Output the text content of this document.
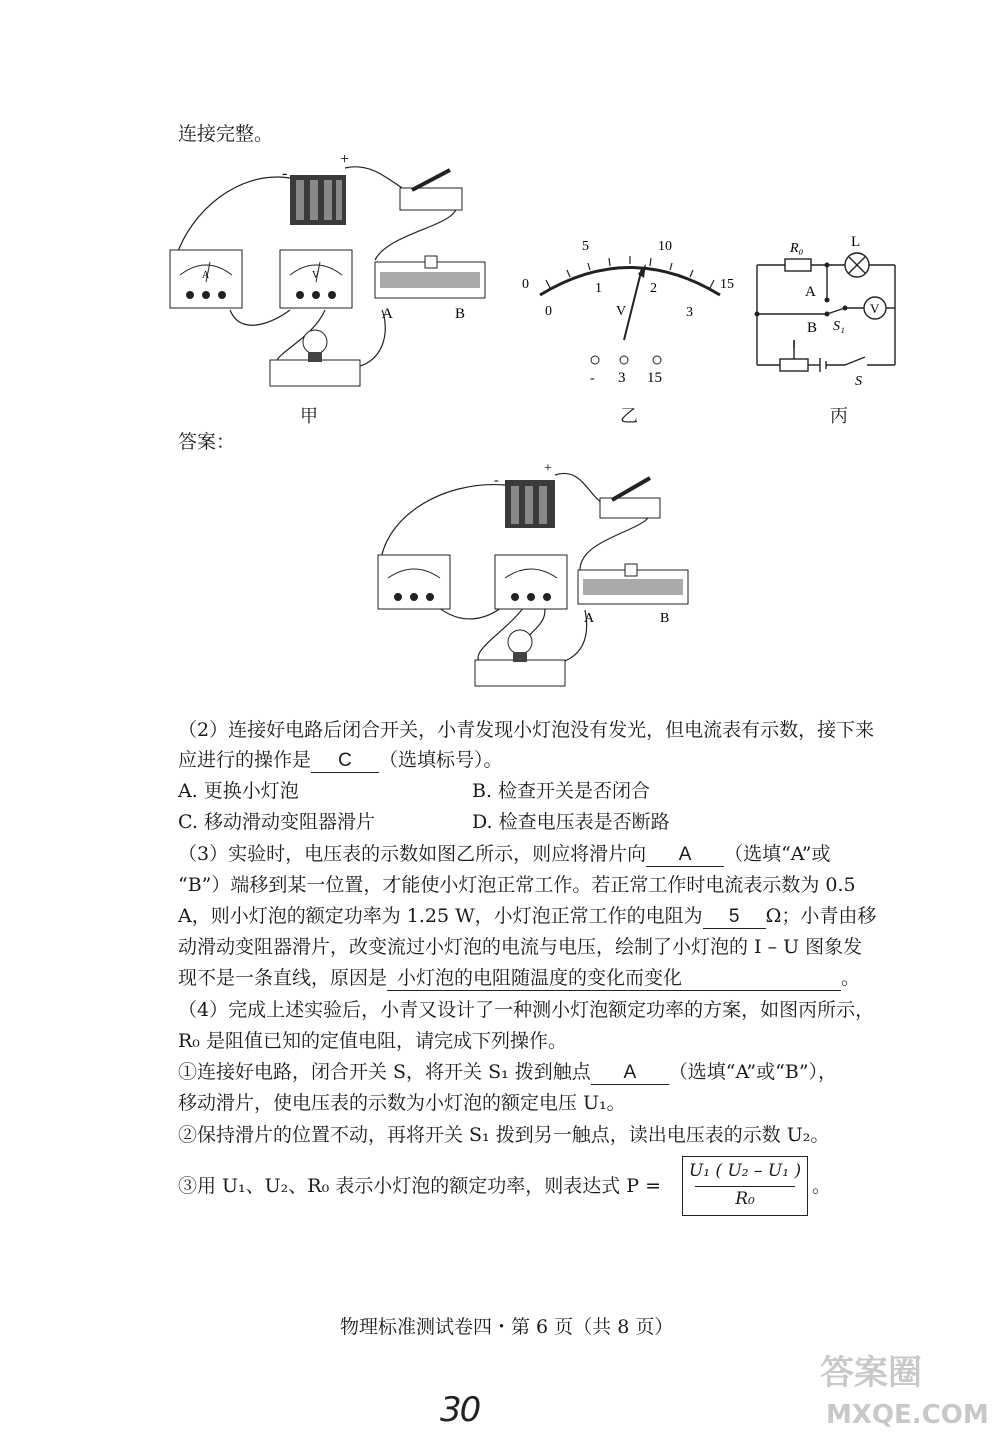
连接完整。
-
+
A	V
A	B
甲
0
5	10
15
0
1	2
3
V
- 3 15
乙
R₀	L
V
A
B S₁
S
丙
答案：
-
+
A	B
（2）连接好电路后闭合开关，小青发现小灯泡没有发光，但电流表有示数，接下来
应进行的操作是 C （选填标号）。
A. 更换小灯泡	B. 检查开关是否闭合
C. 移动滑动变阻器滑片	D. 检查电压表是否断路
（3）实验时，电压表的示数如图乙所示，则应将滑片向 A （选填“A”或
“B”）端移到某一位置，才能使小灯泡正常工作。若正常工作时电流表示数为 0.5
A，则小灯泡的额定功率为 1.25 W，小灯泡正常工作的电阻为 5 Ω；小青由移
动滑动变阻器滑片，改变流过小灯泡的电流与电压，绘制了小灯泡的 I – U 图象发
现不是一条直线，原因是 小灯泡的电阻随温度的变化而变化	。
（4）完成上述实验后，小青又设计了一种测小灯泡额定功率的方案，如图丙所示，
R₀ 是阻值已知的定值电阻，请完成下列操作。
①连接好电路，闭合开关 S，将开关 S₁ 拨到触点 A （选填“A”或“B”），
移动滑片，使电压表的示数为小灯泡的额定电压 U₁。
②保持滑片的位置不动，再将开关 S₁ 拨到另一触点，读出电压表的示数 U₂。
③用 U₁、U₂、R₀ 表示小灯泡的额定功率，则表达式 P =
U₁ ( U₂ – U₁ )
R₀
。
物理标准测试卷四・第 6 页（共 8 页）
30
答案圈
MXQE.COM
